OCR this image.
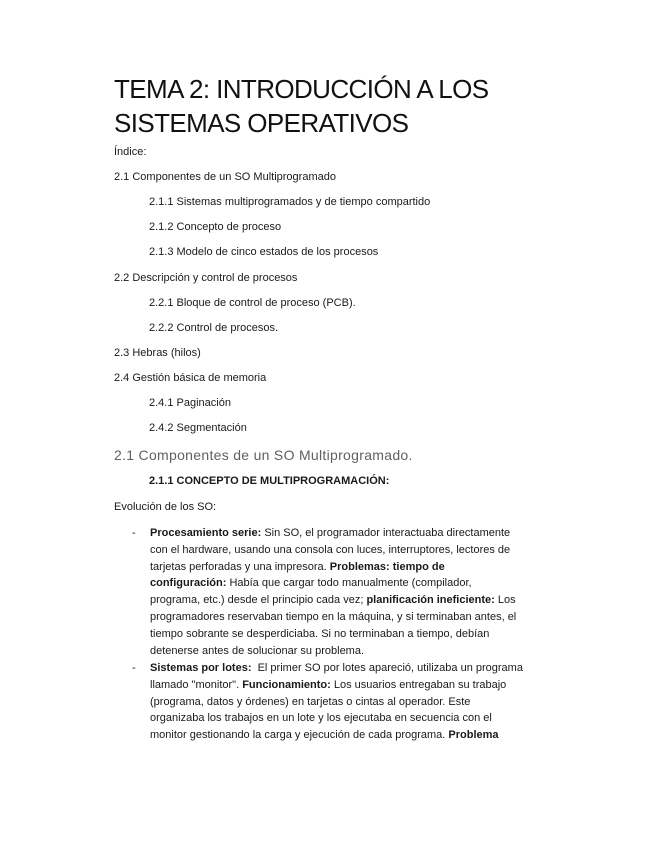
TEMA 2: INTRODUCCIÓN A LOS SISTEMAS OPERATIVOS

Índice:

2.1 Componentes de un SO Multiprogramado
2.1.1 Sistemas multiprogramados y de tiempo compartido
2.1.2 Concepto de proceso
2.1.3 Modelo de cinco estados de los procesos
2.2 Descripción y control de procesos
2.2.1 Bloque de control de proceso (PCB).
2.2.2 Control de procesos.
2.3 Hebras (hilos)
2.4 Gestión básica de memoria
2.4.1 Paginación
2.4.2 Segmentación
2.1 Componentes de un SO Multiprogramado.
2.1.1 CONCEPTO DE MULTIPROGRAMACIÓN:

Evolución de los SO:

- Procesamiento serie: Sin SO, el programador interactuaba directamente
con el hardware, usando una consola con luces, interruptores, lectores de
tarjetas perforadas y una impresora. Problemas: tiempo de
configuración: Había que cargar todo manualmente (compilador,
programa, etc.) desde el principio cada vez; planificación ineficiente: Los
programadores reservaban tiempo en la máquina, y si terminaban antes, el
tiempo sobrante se desperdiciaba. Si no terminaban a tiempo, debían
detenerse antes de solucionar su problema.
- Sistemas por lotes:  El primer SO por lotes apareció, utilizaba un programa
llamado "monitor". Funcionamiento: Los usuarios entregaban su trabajo
(programa, datos y órdenes) en tarjetas o cintas al operador. Este
organizaba los trabajos en un lote y los ejecutaba en secuencia con el
monitor gestionando la carga y ejecución de cada programa. Problema
